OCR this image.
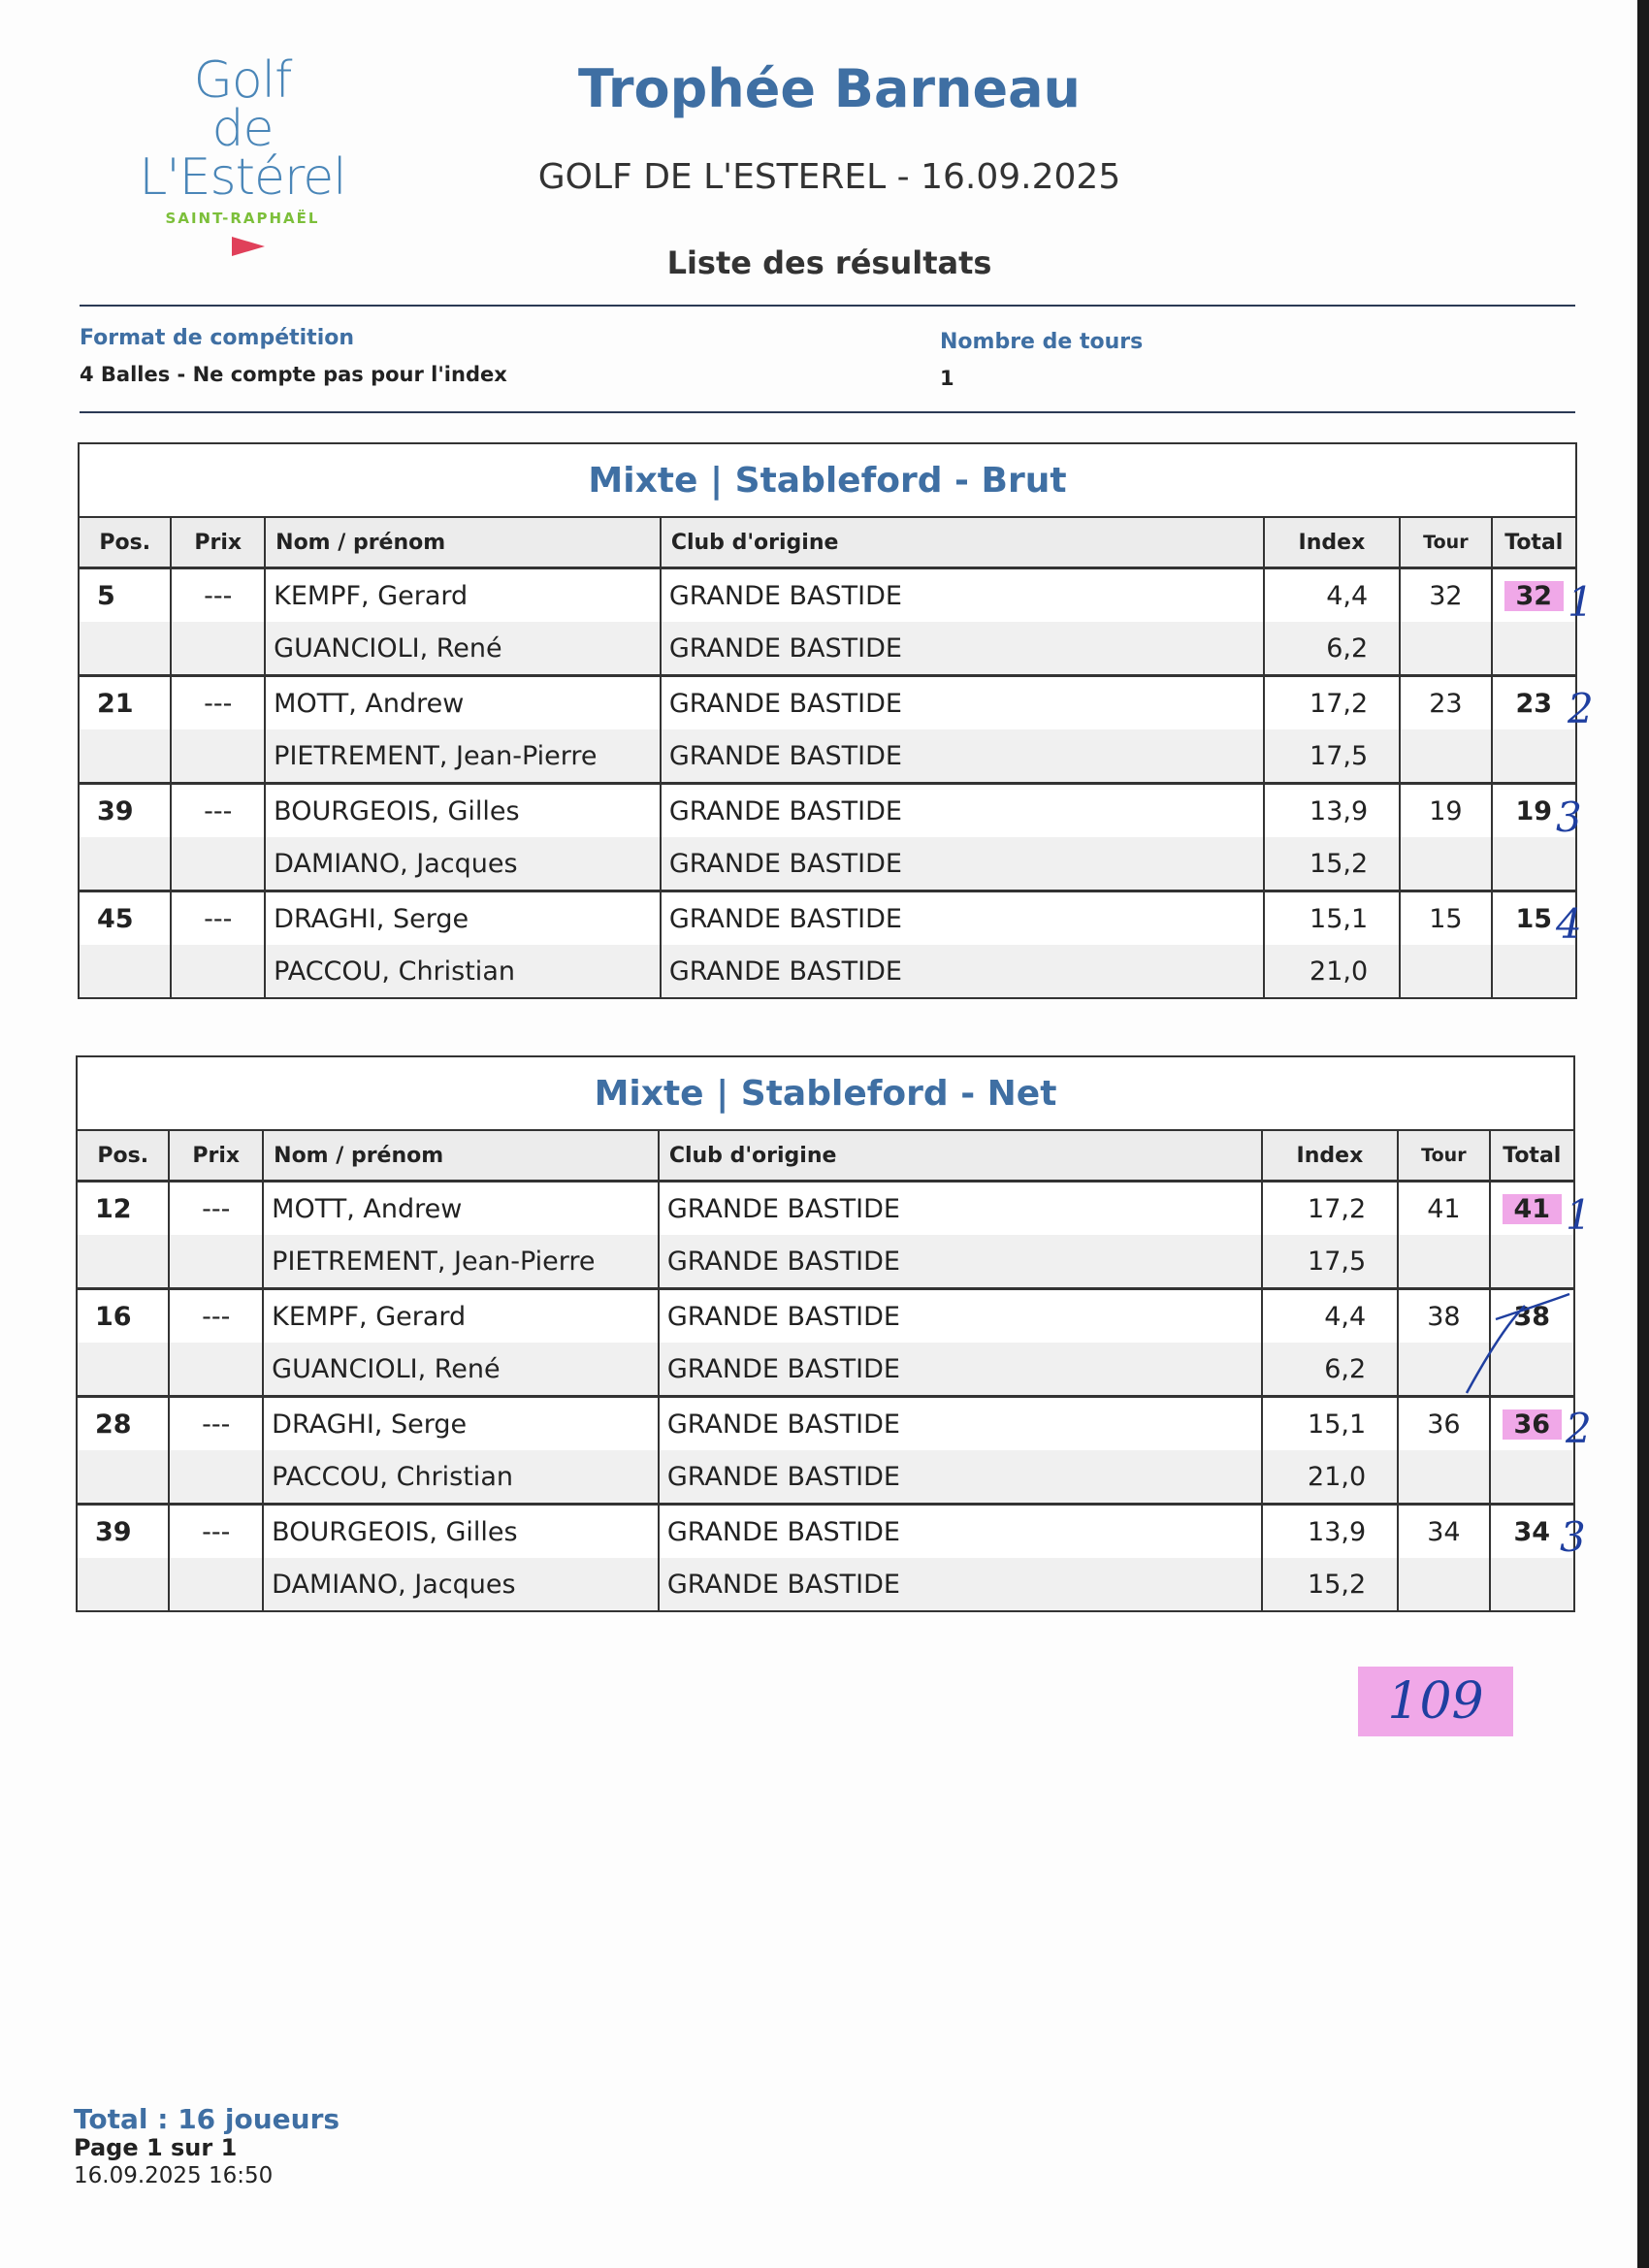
Golf
de
L'Estérel
SAINT-RAPHAËL
Trophée Barneau
GOLF DE L'ESTEREL - 16.09.2025
Liste des résultats
Format de compétition
4 Balles - Ne compte pas pour l'index
Nombre de tours
1
Mixte | Stableford - Brut
Pos.	Prix	Nom / prénom	Club d'origine	Index	Tour	Total
5	---	KEMPF, Gerard	GRANDE BASTIDE	4,4	32	32
		GUANCIOLI, René	GRANDE BASTIDE	6,2		
21	---	MOTT, Andrew	GRANDE BASTIDE	17,2	23	23
		PIETREMENT, Jean-Pierre	GRANDE BASTIDE	17,5		
39	---	BOURGEOIS, Gilles	GRANDE BASTIDE	13,9	19	19
		DAMIANO, Jacques	GRANDE BASTIDE	15,2		
45	---	DRAGHI, Serge	GRANDE BASTIDE	15,1	15	15
		PACCOU, Christian	GRANDE BASTIDE	21,0		
Mixte | Stableford - Net
Pos.	Prix	Nom / prénom	Club d'origine	Index	Tour	Total
12	---	MOTT, Andrew	GRANDE BASTIDE	17,2	41	41
		PIETREMENT, Jean-Pierre	GRANDE BASTIDE	17,5		
16	---	KEMPF, Gerard	GRANDE BASTIDE	4,4	38	38
		GUANCIOLI, René	GRANDE BASTIDE	6,2		
28	---	DRAGHI, Serge	GRANDE BASTIDE	15,1	36	36
		PACCOU, Christian	GRANDE BASTIDE	21,0		
39	---	BOURGEOIS, Gilles	GRANDE BASTIDE	13,9	34	34
		DAMIANO, Jacques	GRANDE BASTIDE	15,2		
1
2
3
4
1
2
3
109
Total : 16 joueurs
Page 1 sur 1
16.09.2025 16:50
